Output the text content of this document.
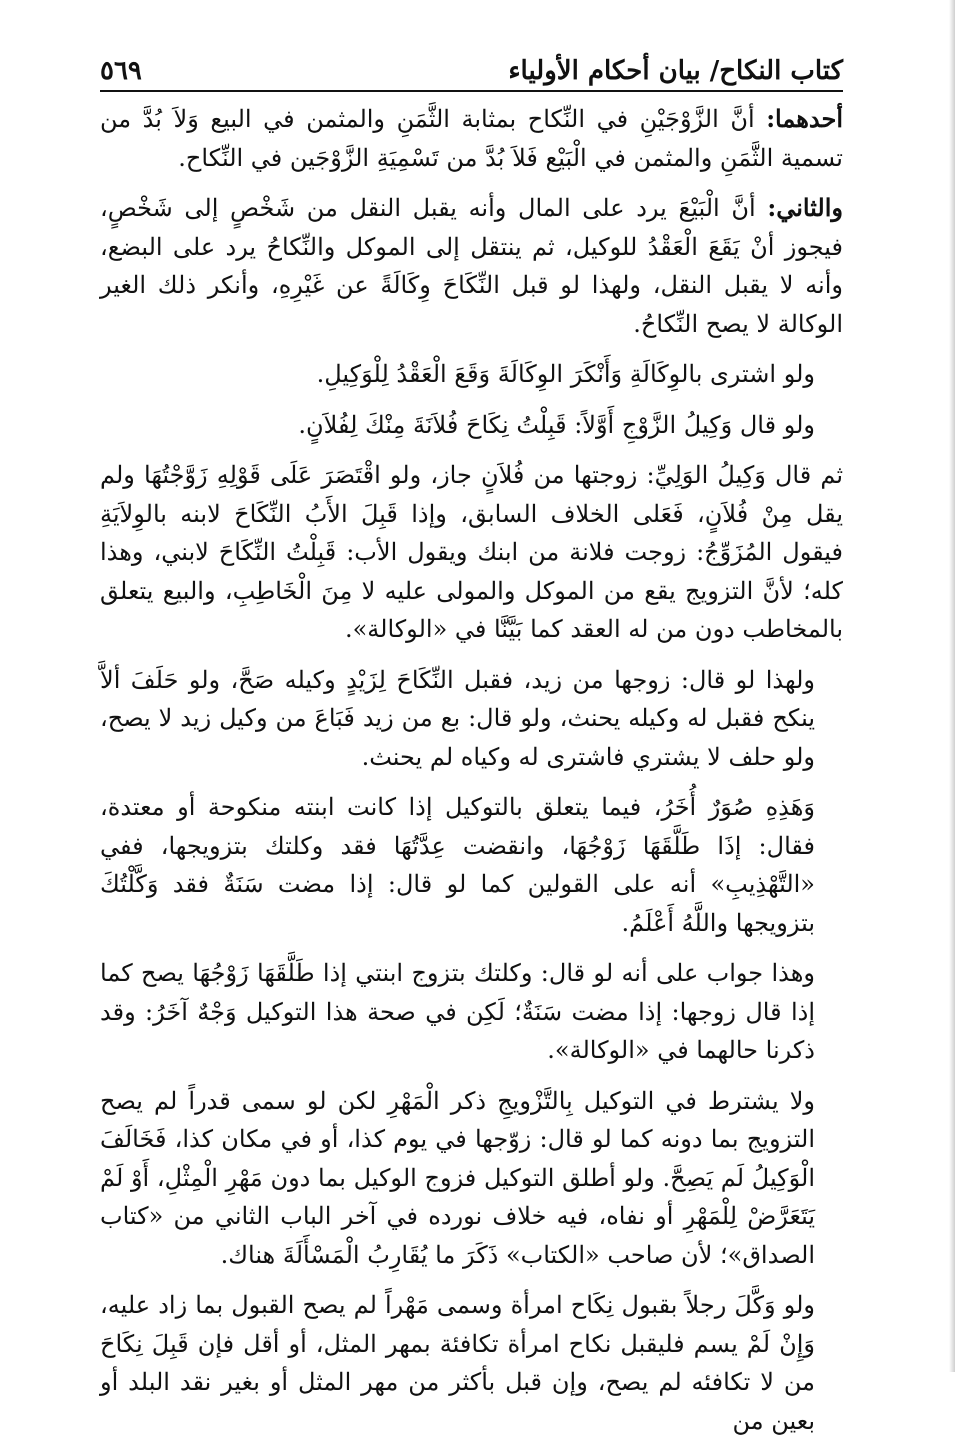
كتاب النكاح/ بيان أحكام الأولياء
٥٦٩

أحدهما: أنَّ الزَّوْجَيْنِ في النِّكاح بمثابة الثَّمَنِ والمثمن في البيع وَلاَ بُدَّ من تسمية الثَّمَنِ والمثمن في الْبَيْع فَلاَ بُدَّ من تَسْمِيَةِ الزَّوْجَين في النِّكاح.

والثاني: أنَّ الْبَيْعَ يرد على المال وأنه يقبل النقل من شَخْصٍ إلى شَخْصٍ، فيجوز أنْ يَقَعَ الْعَقْدُ للوكيل، ثم ينتقل إلى الموكل والنِّكاحُ يرد على البضع، وأنه لا يقبل النقل، ولهذا لو قبل النِّكَاحَ وِكَالَةً عن غَيْرِهِ، وأنكر ذلك الغير الوكالة لا يصح النِّكاحُ.

ولو اشترى بالوِكَالَةِ وَأَنْكَرَ الوِكَالَةَ وَقَعَ الْعَقْدُ لِلْوَكِيلِ.

ولو قال وَكِيلُ الزَّوْجِ أَوَّلاً: قَبِلْتُ نِكَاحَ فُلاَنَةَ مِنْكَ لِفُلاَنٍ.

ثم قال وَكِيلُ الوَلِيِّ: زوجتها من فُلاَنٍ جاز، ولو اقْتَصَرَ عَلَى قَوْلِهِ زَوَّجْتُهَا ولم يقل مِنْ فُلاَنٍ، فَعَلى الخلاف السابق، وإذا قَبِلَ الأَبُ النِّكَاحَ لابنه بالوِلاَيَةِ فيقول المُزَوِّجُ: زوجت فلانة من ابنك ويقول الأب: قَبِلْتُ النِّكَاحَ لابني، وهذا كله؛ لأنَّ التزويج يقع من الموكل والمولى عليه لا مِنَ الْخَاطِبِ، والبيع يتعلق بالمخاطب دون من له العقد كما بَيَّنَّا في «الوكالة».

ولهذا لو قال: زوجها من زيد، فقبل النِّكَاحَ لِزَيْدٍ وكيله صَحَّ، ولو حَلَفَ ألاَّ ينكح فقبل له وكيله يحنث، ولو قال: بع من زيد فَبَاعَ من وكيل زيد لا يصح، ولو حلف لا يشتري فاشترى له وكياه لم يحنث.

وَهَذِهِ صُوَرٌ أُخَرُ، فيما يتعلق بالتوكيل إذا كانت ابنته منكوحة أو معتدة، فقال: إذَا طَلَّقَهَا زَوْجُهَا، وانقضت عِدَّتُهَا فقد وكلتك بتزويجها، ففي «التَّهْذِيبِ» أنه على القولين كما لو قال: إذا مضت سَنَةٌ فقد وَكَّلْتُكَ بتزويجها واللَّهُ أَعْلَمُ.

وهذا جواب على أنه لو قال: وكلتك بتزوج ابنتي إذا طَلَّقَهَا زَوْجُهَا يصح كما إذا قال زوجها: إذا مضت سَنَةٌ؛ لَكِن في صحة هذا التوكيل وَجْهٌ آخَرُ: وقد ذكرنا حالهما في «الوكالة».

ولا يشترط في التوكيل بِالتَّزْويجِ ذكر الْمَهْرِ لكن لو سمى قدراً لم يصح التزويج بما دونه كما لو قال: زوّجها في يوم كذا، أو في مكان كذا، فَخَالَفَ الْوَكِيلُ لَم يَصِحَّ. ولو أطلق التوكيل فزوج الوكيل بما دون مَهْرِ الْمِثْلِ، أَوْ لَمْ يَتَعَرَّضْ لِلْمَهْرِ أو نفاه، فيه خلاف نورده في آخر الباب الثاني من «كتاب الصداق»؛ لأن صاحب «الكتاب» ذَكَرَ ما يُقَارِبُ الْمَسْأَلَةَ هناك.

ولو وَكَّلَ رجلاً بقبول نِكَاح امرأة وسمى مَهْراً لم يصح القبول بما زاد عليه، وَإِنْ لَمْ يسم فليقبل نكاح امرأة تكافئة بمهر المثل، أو أقل فإن قَبِلَ نِكَاحَ من لا تكافئه لم يصح، وإن قبل بأكثر من مهر المثل أو بغير نقد البلد أو بعين من
